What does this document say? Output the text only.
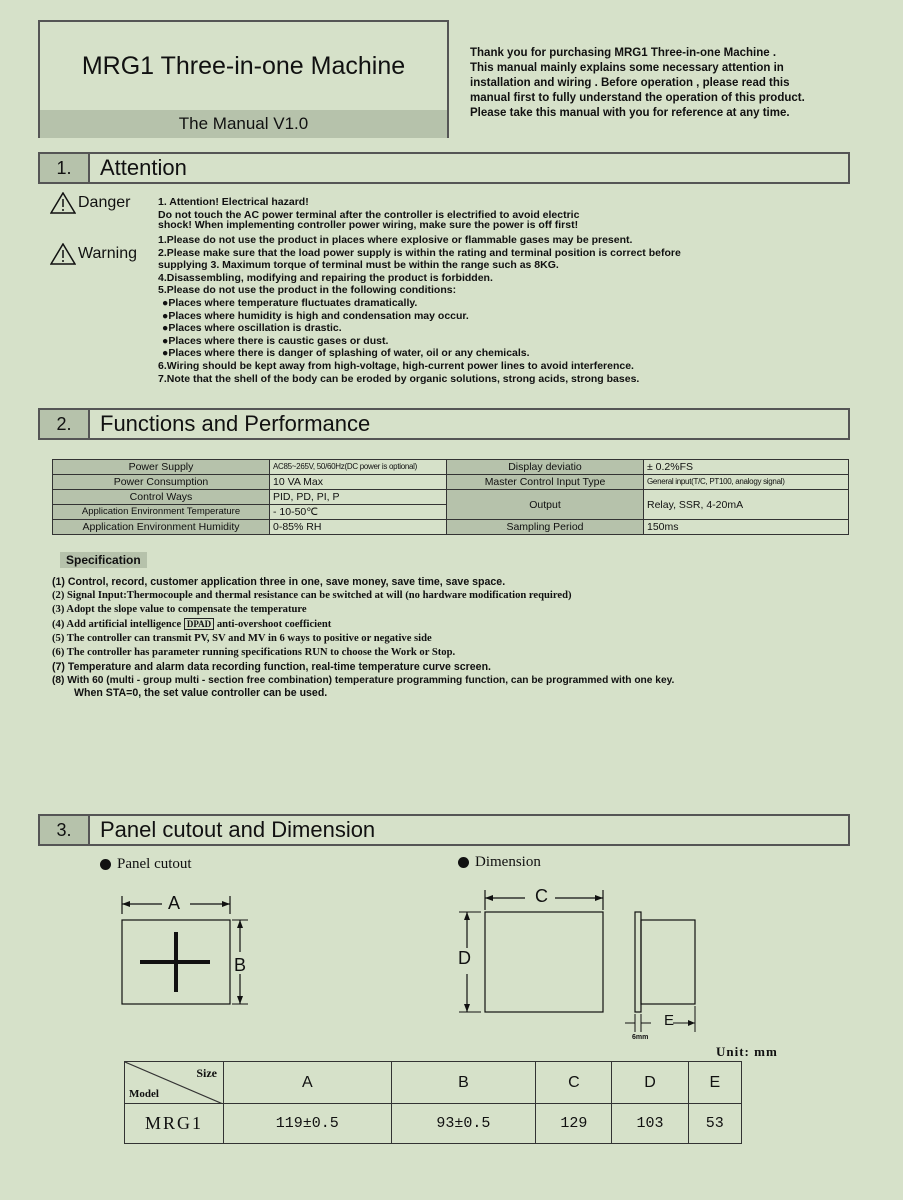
MRG1 Three-in-one Machine
The Manual V1.0
Thank you for purchasing MRG1 Three-in-one Machine .
This manual mainly explains some necessary attention in
installation and wiring . Before operation , please read this
manual first to fully understand the operation of this product.
Please take this manual with you for reference at any time.
1.	Attention
Danger	1. Attention! Electrical hazard!
Do not touch the AC power terminal after the controller is electrified to avoid electric
shock! When implementing controller power wiring, make sure the power is off first!
Warning
1.Please do not use the product in places where explosive or flammable gases may be present.
2.Please make sure that the load power supply is within the rating and terminal position is correct before
supplying 3. Maximum torque of terminal must be within the range such as 8KG.
4.Disassembling, modifying and repairing the product is forbidden.
5.Please do not use the product in the following conditions:
●Places where temperature fluctuates dramatically.
●Places where humidity is high and condensation may occur.
●Places where oscillation is drastic.
●Places where there is caustic gases or dust.
●Places where there is danger of splashing of water, oil or any chemicals.
6.Wiring should be kept away from high-voltage, high-current power lines to avoid interference.
7.Note that the shell of the body can be eroded by organic solutions, strong acids, strong bases.
2.	Functions and Performance
Power Supply	AC85~265V, 50/60Hz(DC power is optional)	Display deviatio	± 0.2%FS
Power Consumption	10 VA Max	Master Control Input Type	General input(T/C, PT100, analogy signal)
Control Ways	PID, PD, PI, P	Output	Relay, SSR, 4-20mA
Application Environment Temperature	- 10-50℃		
Application Environment Humidity	0-85% RH	Sampling Period	150ms
Specification
(1) Control, record, customer application three in one, save money, save time, save space.
(2) Signal Input:Thermocouple and thermal resistance can be switched at will (no hardware modification required)
(3) Adopt the slope value to compensate the temperature
(4) Add artificial intelligence DPAD anti-overshoot coefficient
(5) The controller can transmit PV, SV and MV in 6 ways to positive or negative side
(6) The controller has parameter running specifications RUN to choose the Work or Stop.
(7) Temperature and alarm data recording function, real-time temperature curve screen.
(8) With 60 (multi - group multi - section free combination) temperature programming function, can be programmed with one key.
When STA=0, the set value controller can be used.
3.	Panel cutout and Dimension
Panel cutout	Dimension
A
B
C
D
E
6mm
Unit: mm
Size
Model	A	B	C	D	E
MRG1	119±0.5	93±0.5	129	103	53
